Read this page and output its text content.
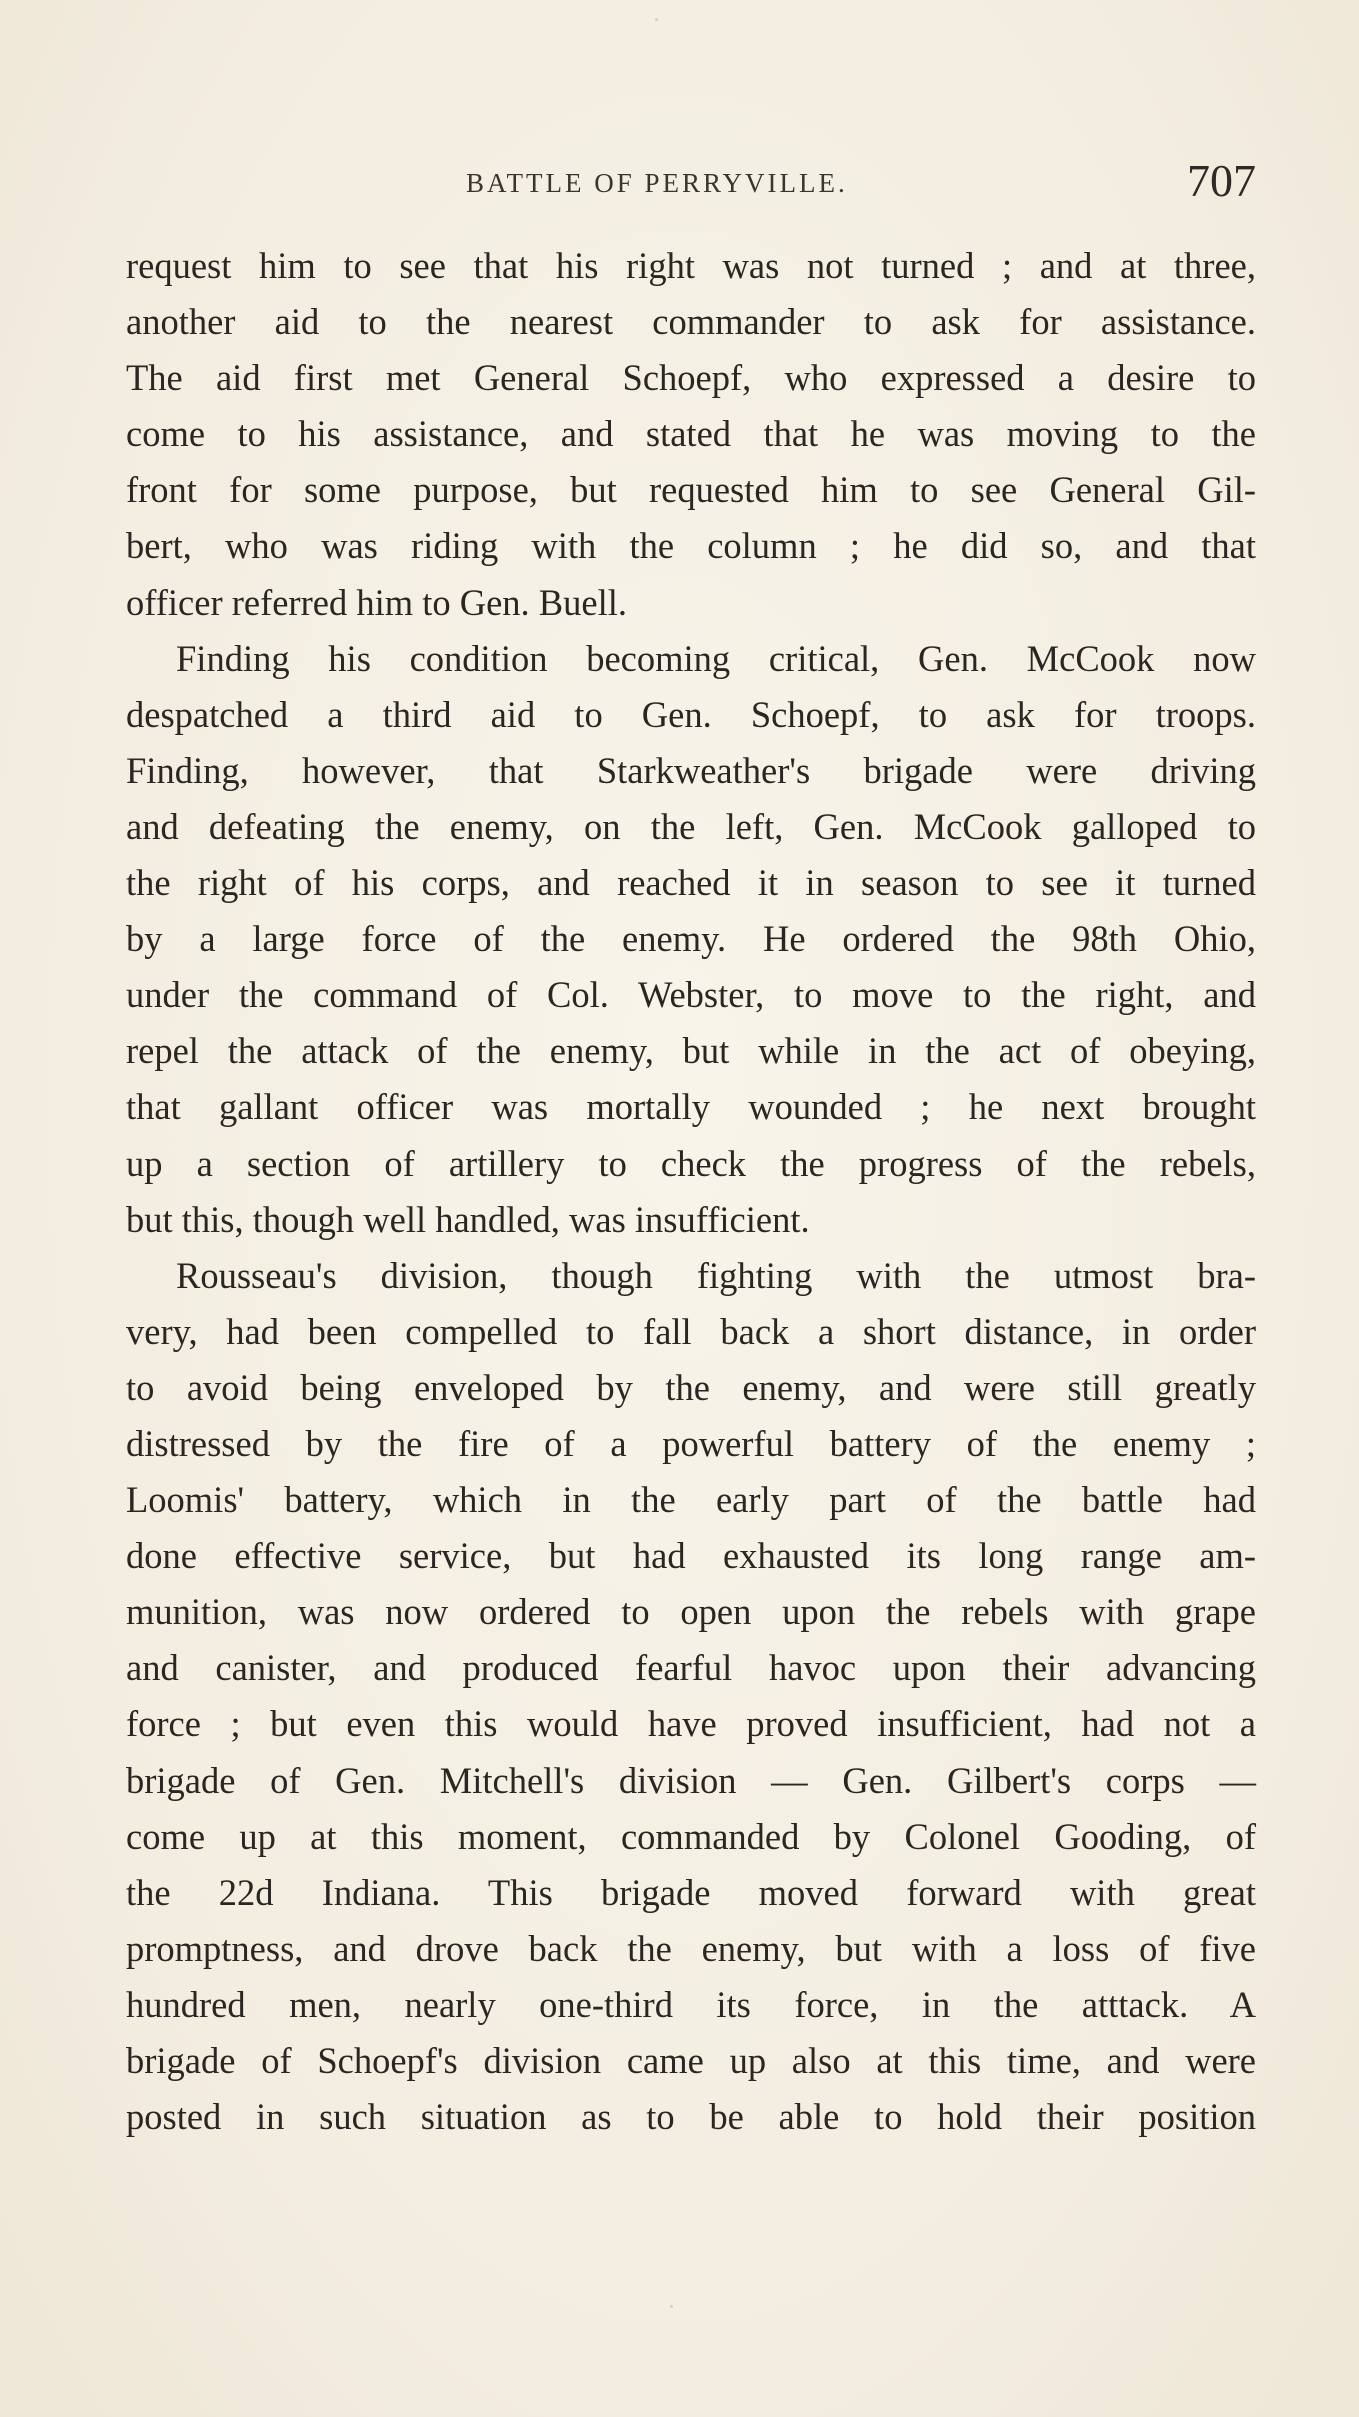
BATTLE OF PERRYVILLE.	707
request him to see that his right was not turned ; and at three,
another aid to the nearest commander to ask for assistance.
The aid first met General Schoepf, who expressed a desire to
come to his assistance, and stated that he was moving to the
front for some purpose, but requested him to see General Gil-
bert, who was riding with the column ; he did so, and that
officer referred him to Gen. Buell.
Finding his condition becoming critical, Gen. McCook now
despatched a third aid to Gen. Schoepf, to ask for troops.
Finding, however, that Starkweather's brigade were driving
and defeating the enemy, on the left, Gen. McCook galloped to
the right of his corps, and reached it in season to see it turned
by a large force of the enemy. He ordered the 98th Ohio,
under the command of Col. Webster, to move to the right, and
repel the attack of the enemy, but while in the act of obeying,
that gallant officer was mortally wounded ; he next brought
up a section of artillery to check the progress of the rebels,
but this, though well handled, was insufficient.
Rousseau's division, though fighting with the utmost bra-
very, had been compelled to fall back a short distance, in order
to avoid being enveloped by the enemy, and were still greatly
distressed by the fire of a powerful battery of the enemy ;
Loomis' battery, which in the early part of the battle had
done effective service, but had exhausted its long range am-
munition, was now ordered to open upon the rebels with grape
and canister, and produced fearful havoc upon their advancing
force ; but even this would have proved insufficient, had not a
brigade of Gen. Mitchell's division — Gen. Gilbert's corps —
come up at this moment, commanded by Colonel Gooding, of
the 22d Indiana. This brigade moved forward with great
promptness, and drove back the enemy, but with a loss of five
hundred men, nearly one-third its force, in the atttack. A
brigade of Schoepf's division came up also at this time, and were
posted in such situation as to be able to hold their position
